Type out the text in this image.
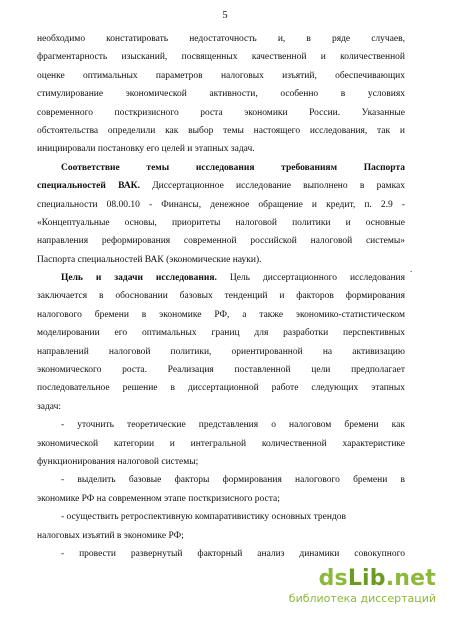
5
необходимо констатировать недостаточность и, в ряде случаев,
фрагментарность изысканий, посвященных качественной и количественной
оценке оптимальных параметров налоговых изъятий, обеспечивающих
стимулирование экономической активности, особенно в условиях
современного посткризисного роста экономики России. Указанные
обстоятельства определили как выбор темы настоящего исследования, так и
инициировали постановку его целей и этапных задач.
Соответствие темы исследования требованиям Паспорта
специальностей ВАК. Диссертационное исследование выполнено в рамках
специальности 08.00.10 - Финансы, денежное обращение и кредит, п. 2.9 -
«Концептуальные основы, приоритеты налоговой политики и основные
направления реформирования современной российской налоговой системы»
Паспорта специальностей ВАК (экономические науки).
Цель и задачи исследования. Цель диссертационного исследования
заключается в обосновании базовых тенденций и факторов формирования
налогового бремени в экономике РФ, а также экономико-статистическом
моделировании его оптимальных границ для разработки перспективных
направлений налоговой политики, ориентированной на активизацию
экономического роста. Реализация поставленной цели предполагает
последовательное решение в диссертационной работе следующих этапных
задач:
- уточнить теоретические представления о налоговом бремени как
экономической категории и интегральной количественной характеристике
функционирования налоговой системы;
- выделить базовые факторы формирования налогового бремени в
экономике РФ на современном этапе посткризисного роста;
- осуществить ретроспективную компаративистику основных трендов
налоговых изъятий в экономике РФ;
- провести развернутый факторный анализ динамики совокупного
.
dsLib.net
библиотека диссертаций
